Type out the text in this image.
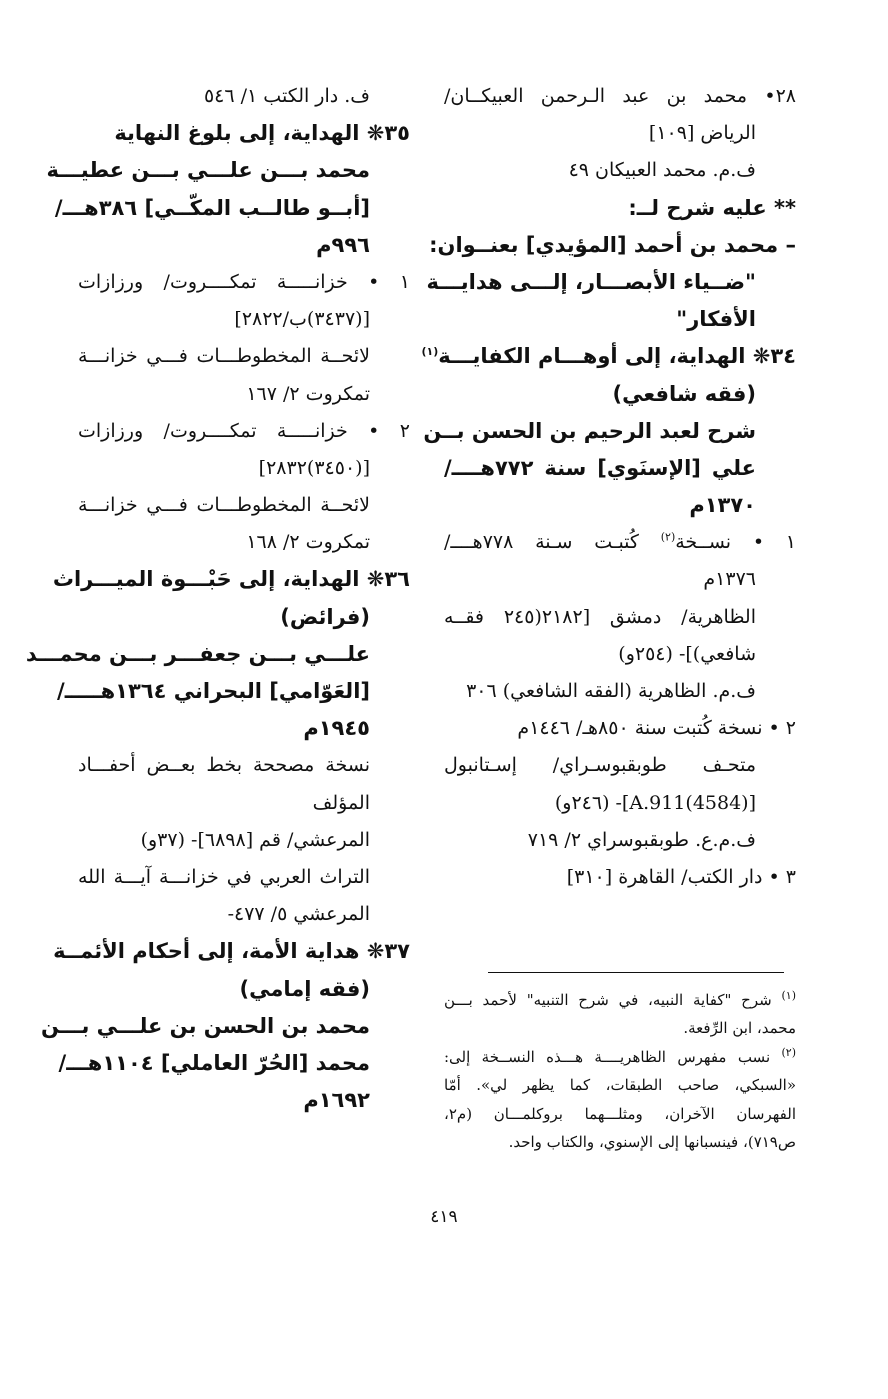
٢٨• محمد بن عبد الـرحمن العبيكــان/
الرياض [١٠٩]
ف.م. محمد العبيكان ٤٩
** عليه شرح لــ:
– محمد بن أحمد [المؤيدي] بعنــوان:
"ضــياء الأبصـــار، إلـــى هدايـــة
الأفكار"
٣٤❋ الهداية، إلى أوهـــام الكفايـــة$^{(١)}$
(فقه شافعي)
شرح لعبد الرحيم بن الحسن بــن
علي [الإسنَوي] سنة ٧٧٢هــــ/
١٣٧٠م
١ • نســخة$^{(٢)}$ كُتبـت سـنة ٧٧٨هــــ/
١٣٧٦م
الظاهرية/ دمشق [٢١٨٢(٢٤٥ فقــه
شافعي)]- (٢٥٤و)
ف.م. الظاهرية (الفقه الشافعي) ٣٠٦
٢ • نسخة كُتبت سنة ٨٥٠هـ/ ١٤٤٦م
متحـف طوبقبوسـراي/ إسـتانبول
[(4584)A.911]- (٢٤٦و)
ف.م.ع. طوبقبوسراي ٢/ ٧١٩
٣ • دار الكتب/ القاهرة [٣١٠]
ف. دار الكتب ١/ ٥٤٦
٣٥❋ الهداية، إلى بلوغ النهاية
محمد بـــن علـــي بـــن عطيـــة
[أبــو طالــب المكّــي] ٣٨٦هـــ/
٩٩٦م
١ • خزانـــــة تمكــــروت/ ورزازات
[(٣٤٣٧)ب/٢٨٢٢]
لائحــة المخطوطـــات فـــي خزانـــة
تمكروت ٢/ ١٦٧
٢ • خزانـــــة تمكــــروت/ ورزازات
[(٣٤٥٠)٢٨٣٢]
لائحــة المخطوطـــات فـــي خزانـــة
تمكروت ٢/ ١٦٨
٣٦❋ الهداية، إلى حَبْـــوة الميـــراث
(فرائض)
علـــي بـــن جعفـــر بـــن محمـــد
[العَوّامي] البحراني ١٣٦٤هـــــ/
١٩٤٥م
نسخة مصححة بخط بعــض أحفـــاد
المؤلف
المرعشي/ قم [٦٨٩٨]- (٣٧و)
التراث العربي في خزانـــة آيـــة الله
المرعشي ٥/ ٤٧٧-
٣٧❋ هداية الأمة، إلى أحكام الأئمــة
(فقه إمامي)
محمد بن الحسن بن علـــي بـــن
محمد [الحُرّ العاملي] ١١٠٤هـــ/
١٦٩٢م
$^{(١)}$ شرح "كفاية النبيه، في شرح التنبيه" لأحمد بـــن
محمد، ابن الرِّفعة.
$^{(٢)}$ نسب مفهرس الظاهريــــة هـــذه النســخة إلى:
«السبكي، صاحب الطبقات، كما يظهر لي». أمّا
الفهرسان الآخران، ومثلـــهما بروكلمـــان (م٢،
ص٧١٩)، فينسبانها إلى الإسنوي، والكتاب واحد.
٤١٩
